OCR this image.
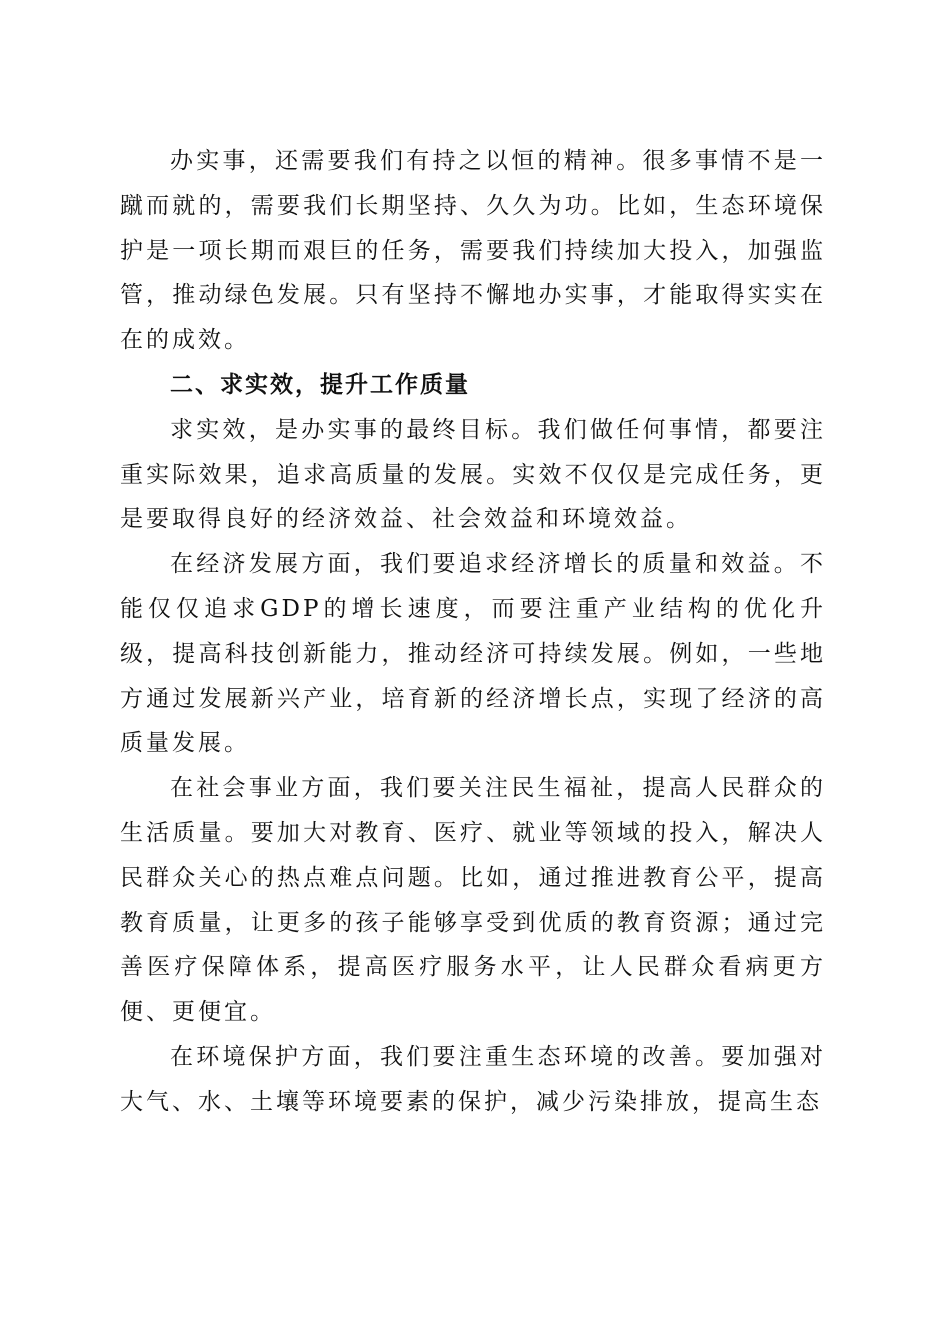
办实事，还需要我们有持之以恒的精神。很多事情不是一蹴而就的，需要我们长期坚持、久久为功。比如，生态环境保护是一项长期而艰巨的任务，需要我们持续加大投入，加强监管，推动绿色发展。只有坚持不懈地办实事，才能取得实实在在的成效。

二、求实效，提升工作质量

求实效，是办实事的最终目标。我们做任何事情，都要注重实际效果，追求高质量的发展。实效不仅仅是完成任务，更是要取得良好的经济效益、社会效益和环境效益。

在经济发展方面，我们要追求经济增长的质量和效益。不能仅仅追求GDP的增长速度，而要注重产业结构的优化升级，提高科技创新能力，推动经济可持续发展。例如，一些地方通过发展新兴产业，培育新的经济增长点，实现了经济的高质量发展。

在社会事业方面，我们要关注民生福祉，提高人民群众的生活质量。要加大对教育、医疗、就业等领域的投入，解决人民群众关心的热点难点问题。比如，通过推进教育公平，提高教育质量，让更多的孩子能够享受到优质的教育资源；通过完善医疗保障体系，提高医疗服务水平，让人民群众看病更方便、更便宜。

在环境保护方面，我们要注重生态环境的改善。要加强对大气、水、土壤等环境要素的保护，减少污染排放，提高生态
